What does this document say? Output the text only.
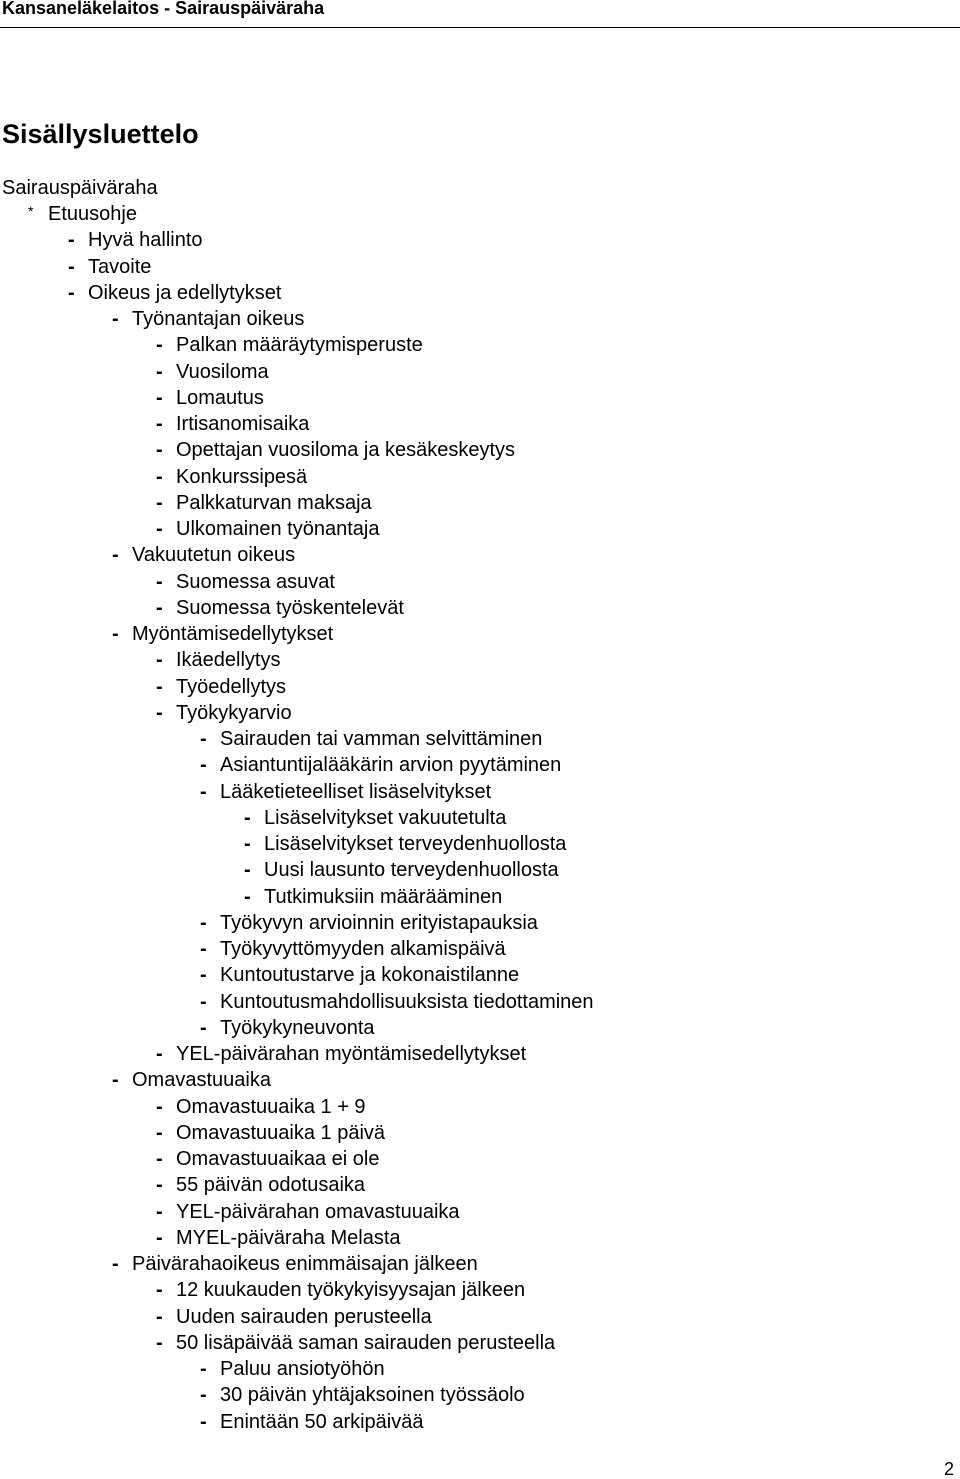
Kansaneläkelaitos - Sairauspäiväraha
Sisällysluettelo
Sairauspäiväraha
* Etuusohje
- Hyvä hallinto
- Tavoite
- Oikeus ja edellytykset
- Työnantajan oikeus
- Palkan määräytymisperuste
- Vuosiloma
- Lomautus
- Irtisanomisaika
- Opettajan vuosiloma ja kesäkeskeytys
- Konkurssipesä
- Palkkaturvan maksaja
- Ulkomainen työnantaja
- Vakuutetun oikeus
- Suomessa asuvat
- Suomessa työskentelevät
- Myöntämisedellytykset
- Ikäedellytys
- Työedellytys
- Työkykyarvio
- Sairauden tai vamman selvittäminen
- Asiantuntijalääkärin arvion pyytäminen
- Lääketieteelliset lisäselvitykset
- Lisäselvitykset vakuutetulta
- Lisäselvitykset terveydenhuollosta
- Uusi lausunto terveydenhuollosta
- Tutkimuksiin määrääminen
- Työkyvyn arvioinnin erityistapauksia
- Työkyvyttömyyden alkamispäivä
- Kuntoutustarve ja kokonaistilanne
- Kuntoutusmahdollisuuksista tiedottaminen
- Työkykyneuvonta
- YEL-päivärahan myöntämisedellytykset
- Omavastuuaika
- Omavastuuaika 1 + 9
- Omavastuuaika 1 päivä
- Omavastuuaikaa ei ole
- 55 päivän odotusaika
- YEL-päivärahan omavastuuaika
- MYEL-päiväraha Melasta
- Päivärahaoikeus enimmäisajan jälkeen
- 12 kuukauden työkykyisyysajan jälkeen
- Uuden sairauden perusteella
- 50 lisäpäivää saman sairauden perusteella
- Paluu ansiotyöhön
- 30 päivän yhtäjaksoinen työssäolo
- Enintään 50 arkipäivää
2
